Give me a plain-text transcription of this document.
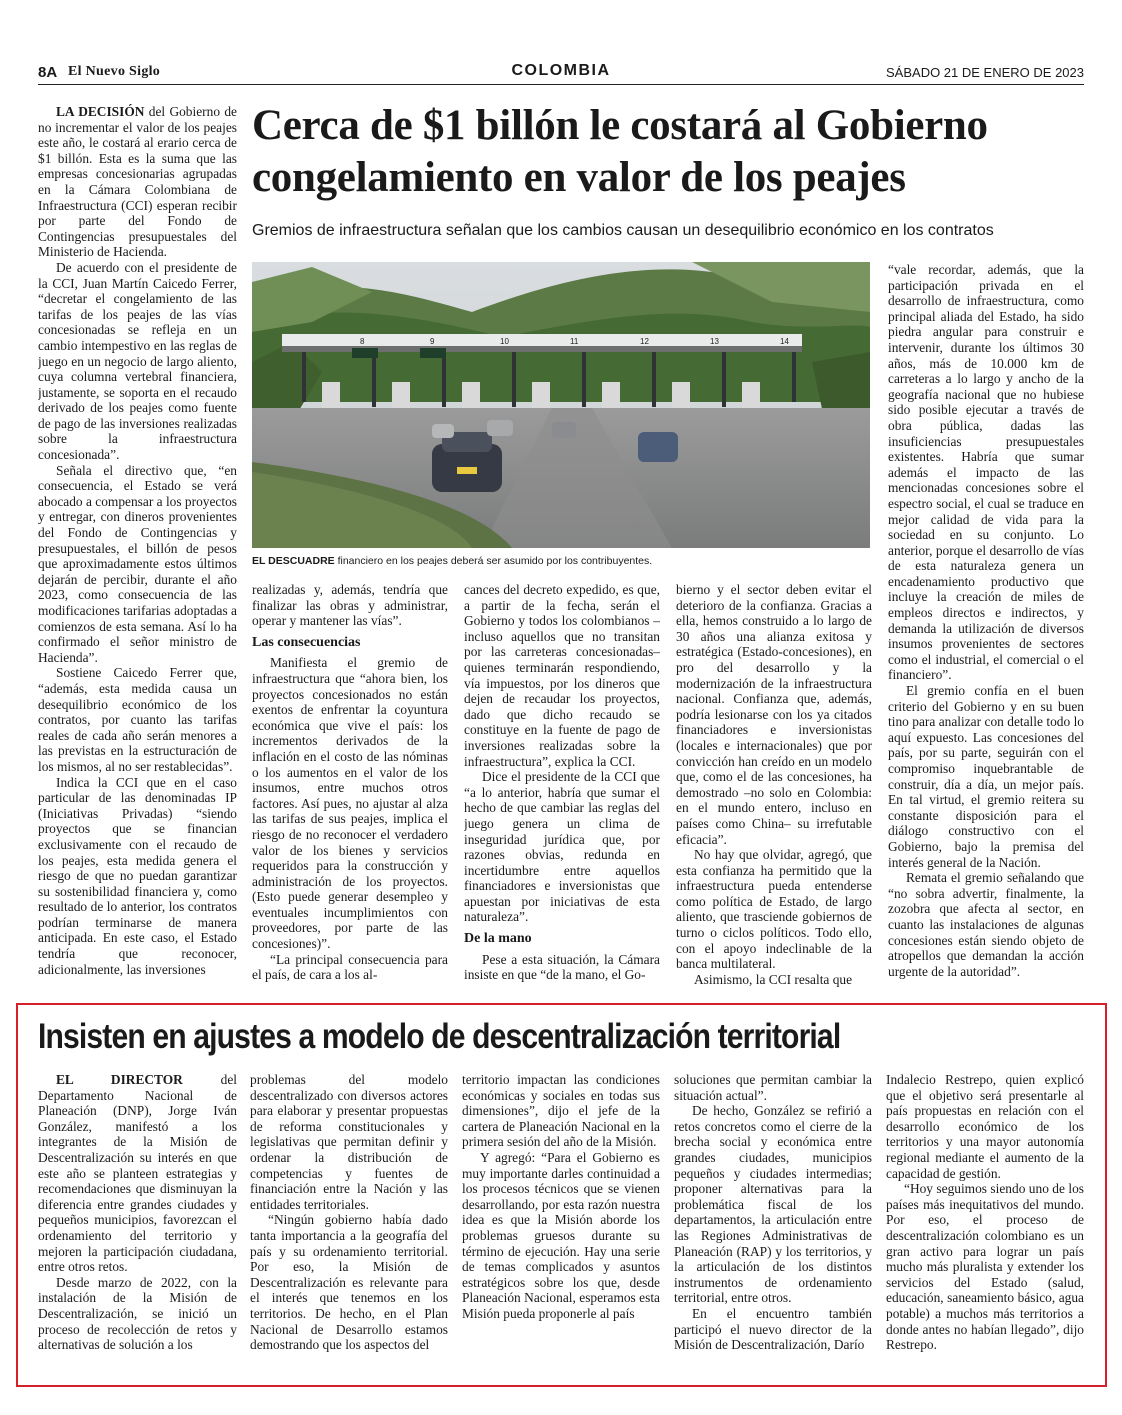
8A El Nuevo Siglo	COLOMBIA	SÁBADO 21 DE ENERO DE 2023

LA DECISIÓN del Gobierno de no incrementar el valor de los peajes este año, le costará al erario cerca de $1 billón. Esta es la suma que las empresas concesionarias agrupadas en la Cámara Colombiana de Infraestructura (CCI) esperan recibir por parte del Fondo de Contingencias presupuestales del Ministerio de Hacienda.

De acuerdo con el presidente de la CCI, Juan Martín Caicedo Ferrer, “decretar el congelamiento de las tarifas de los peajes de las vías concesionadas se refleja en un cambio intempestivo en las reglas de juego en un negocio de largo aliento, cuya columna vertebral financiera, justamente, se soporta en el recaudo derivado de los peajes como fuente de pago de las inversiones realizadas sobre la infraestructura concesionada”.

Señala el directivo que, “en consecuencia, el Estado se verá abocado a compensar a los proyectos y entregar, con dineros provenientes del Fondo de Contingencias y presupuestales, el billón de pesos que aproximadamente estos últimos dejarán de percibir, durante el año 2023, como consecuencia de las modificaciones tarifarias adoptadas a comienzos de esta semana. Así lo ha confirmado el señor ministro de Hacienda”.

Sostiene Caicedo Ferrer que, “además, esta medida causa un desequilibrio económico de los contratos, por cuanto las tarifas reales de cada año serán menores a las previstas en la estructuración de los mismos, al no ser restablecidas”.

Indica la CCI que en el caso particular de las denominadas IP (Iniciativas Privadas) “siendo proyectos que se financian exclusivamente con el recaudo de los peajes, esta medida genera el riesgo de que no puedan garantizar su sostenibilidad financiera y, como resultado de lo anterior, los contratos podrían terminarse de manera anticipada. En este caso, el Estado tendría que reconocer, adicionalmente, las inversiones

Cerca de $1 billón le costará al Gobierno congelamiento en valor de los peajes

Gremios de infraestructura señalan que los cambios causan un desequilibrio económico en los contratos

8	9	10	11	12	13	14
EL DESCUADRE financiero en los peajes deberá ser asumido por los contribuyentes.

realizadas y, además, tendría que finalizar las obras y administrar, operar y mantener las vías”.

Las consecuencias

Manifiesta el gremio de infraestructura que “ahora bien, los proyectos concesionados no están exentos de enfrentar la coyuntura económica que vive el país: los incrementos derivados de la inflación en el costo de las nóminas o los aumentos en el valor de los insumos, entre muchos otros factores. Así pues, no ajustar al alza las tarifas de sus peajes, implica el riesgo de no reconocer el verdadero valor de los bienes y servicios requeridos para la construcción y administración de los proyectos. (Esto puede generar desempleo y eventuales incumplimientos con proveedores, por parte de las concesiones)”.

“La principal consecuencia para el país, de cara a los al-

cances del decreto expedido, es que, a partir de la fecha, serán el Gobierno y todos los colombianos –incluso aquellos que no transitan por las carreteras concesionadas– quienes terminarán respondiendo, vía impuestos, por los dineros que dejen de recaudar los proyectos, dado que dicho recaudo se constituye en la fuente de pago de inversiones realizadas sobre la infraestructura”, explica la CCI.

Dice el presidente de la CCI que “a lo anterior, habría que sumar el hecho de que cambiar las reglas del juego genera un clima de inseguridad jurídica que, por razones obvias, redunda en incertidumbre entre aquellos financiadores e inversionistas que apuestan por iniciativas de esta naturaleza”.

De la mano

Pese a esta situación, la Cámara insiste en que “de la mano, el Go-

bierno y el sector deben evitar el deterioro de la confianza. Gracias a ella, hemos construido a lo largo de 30 años una alianza exitosa y estratégica (Estado-concesiones), en pro del desarrollo y la modernización de la infraestructura nacional. Confianza que, además, podría lesionarse con los ya citados financiadores e inversionistas (locales e internacionales) que por convicción han creído en un modelo que, como el de las concesiones, ha demostrado –no solo en Colombia: en el mundo entero, incluso en países como China– su irrefutable eficacia”.

No hay que olvidar, agregó, que esta confianza ha permitido que la infraestructura pueda entenderse como política de Estado, de largo aliento, que trasciende gobiernos de turno o ciclos políticos. Todo ello, con el apoyo indeclinable de la banca multilateral.

Asimismo, la CCI resalta que

“vale recordar, además, que la participación privada en el desarrollo de infraestructura, como principal aliada del Estado, ha sido piedra angular para construir e intervenir, durante los últimos 30 años, más de 10.000 km de carreteras a lo largo y ancho de la geografía nacional que no hubiese sido posible ejecutar a través de obra pública, dadas las insuficiencias presupuestales existentes. Habría que sumar además el impacto de las mencionadas concesiones sobre el espectro social, el cual se traduce en mejor calidad de vida para la sociedad en su conjunto. Lo anterior, porque el desarrollo de vías de esta naturaleza genera un encadenamiento productivo que incluye la creación de miles de empleos directos e indirectos, y demanda la utilización de diversos insumos provenientes de sectores como el industrial, el comercial o el financiero”.

El gremio confía en el buen criterio del Gobierno y en su buen tino para analizar con detalle todo lo aquí expuesto. Las concesiones del país, por su parte, seguirán con el compromiso inquebrantable de construir, día a día, un mejor país. En tal virtud, el gremio reitera su constante disposición para el diálogo constructivo con el Gobierno, bajo la premisa del interés general de la Nación.

Remata el gremio señalando que “no sobra advertir, finalmente, la zozobra que afecta al sector, en cuanto las instalaciones de algunas concesiones están siendo objeto de atropellos que demandan la acción urgente de la autoridad”.

Insisten en ajustes a modelo de descentralización territorial

EL DIRECTOR del Departamento Nacional de Planeación (DNP), Jorge Iván González, manifestó a los integrantes de la Misión de Descentralización su interés en que este año se planteen estrategias y recomendaciones que disminuyan la diferencia entre grandes ciudades y pequeños municipios, favorezcan el ordenamiento del territorio y mejoren la participación ciudadana, entre otros retos.

Desde marzo de 2022, con la instalación de la Misión de Descentralización, se inició un proceso de recolección de retos y alternativas de solución a los

problemas del modelo descentralizado con diversos actores para elaborar y presentar propuestas de reforma constitucionales y legislativas que permitan definir y ordenar la distribución de competencias y fuentes de financiación entre la Nación y las entidades territoriales.

“Ningún gobierno había dado tanta importancia a la geografía del país y su ordenamiento territorial. Por eso, la Misión de Descentralización es relevante para el interés que tenemos en los territorios. De hecho, en el Plan Nacional de Desarrollo estamos demostrando que los aspectos del

territorio impactan las condiciones económicas y sociales en todas sus dimensiones”, dijo el jefe de la cartera de Planeación Nacional en la primera sesión del año de la Misión.

Y agregó: “Para el Gobierno es muy importante darles continuidad a los procesos técnicos que se vienen desarrollando, por esta razón nuestra idea es que la Misión aborde los problemas gruesos durante su término de ejecución. Hay una serie de temas complicados y asuntos estratégicos sobre los que, desde Planeación Nacional, esperamos esta Misión pueda proponerle al país

soluciones que permitan cambiar la situación actual”.

De hecho, González se refirió a retos concretos como el cierre de la brecha social y económica entre grandes ciudades, municipios pequeños y ciudades intermedias; proponer alternativas para la problemática fiscal de los departamentos, la articulación entre las Regiones Administrativas de Planeación (RAP) y los territorios, y la articulación de los distintos instrumentos de ordenamiento territorial, entre otros.

En el encuentro también participó el nuevo director de la Misión de Descentralización, Darío

Indalecio Restrepo, quien explicó que el objetivo será presentarle al país propuestas en relación con el desarrollo económico de los territorios y una mayor autonomía regional mediante el aumento de la capacidad de gestión.

“Hoy seguimos siendo uno de los países más inequitativos del mundo. Por eso, el proceso de descentralización colombiano es un gran activo para lograr un país mucho más pluralista y extender los servicios del Estado (salud, educación, saneamiento básico, agua potable) a muchos más territorios a donde antes no habían llegado”, dijo Restrepo.
